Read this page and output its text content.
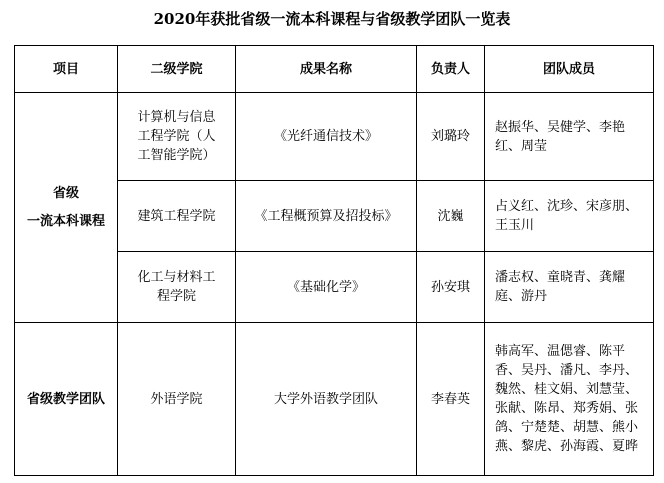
2020年获批省级一流本科课程与省级教学团队一览表
项目	二级学院	成果名称	负责人	团队成员

省级
一流本科课程	计算机与信息工程学院（人工智能学院）	《光纤通信技术》	刘璐玲	赵振华、吴健学、李艳红、周莹
	建筑工程学院	《工程概预算及招投标》	沈巍	占义红、沈珍、宋彦朋、王玉川
	化工与材料工程学院	《基础化学》	孙安琪	潘志权、童晓青、龚耀庭、游丹
省级教学团队	外语学院	大学外语教学团队	李春英	韩高军、温偲睿、陈平香、吴丹、潘凡、李丹、魏然、桂文娟、刘慧莹、张献、陈昂、郑秀娟、张鸽、宁楚楚、胡慧、熊小燕、黎虎、孙海霞、夏晔
